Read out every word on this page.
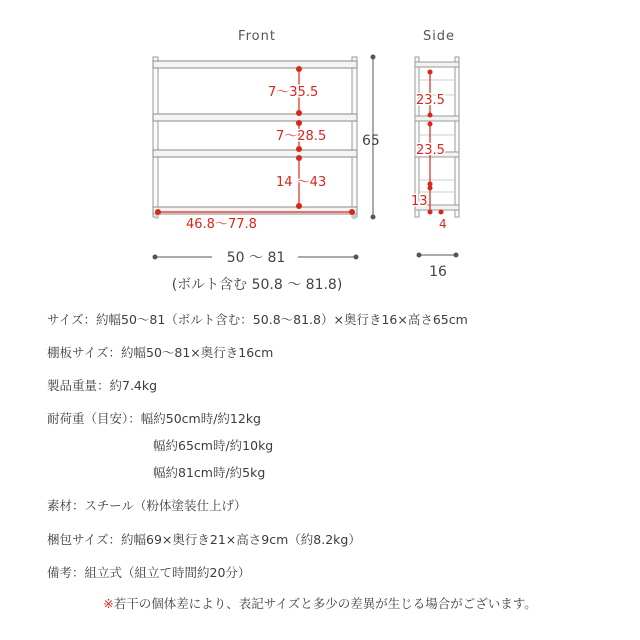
Front	Side
7～35.5
7～28.5
14 ～43
46.8～77.8
65
50 ～ 81
(ボルト含む 50.8 ～ 81.8)
23.5
23.5
13
4
16
サイズ：約幅50～81（ボルト含む：50.8～81.8）×奥行き16×高さ65cm
棚板サイズ：約幅50～81×奥行き16cm
製品重量：約7.4kg
耐荷重（目安）：幅約50cm時/約12kg
幅約65cm時/約10kg
幅約81cm時/約5kg
素材：スチール（粉体塗装仕上げ）
梱包サイズ：約幅69×奥行き21×高さ9cm（約8.2kg）
備考：組立式（組立て時間約20分）
※若干の個体差により、表記サイズと多少の差異が生じる場合がございます。
